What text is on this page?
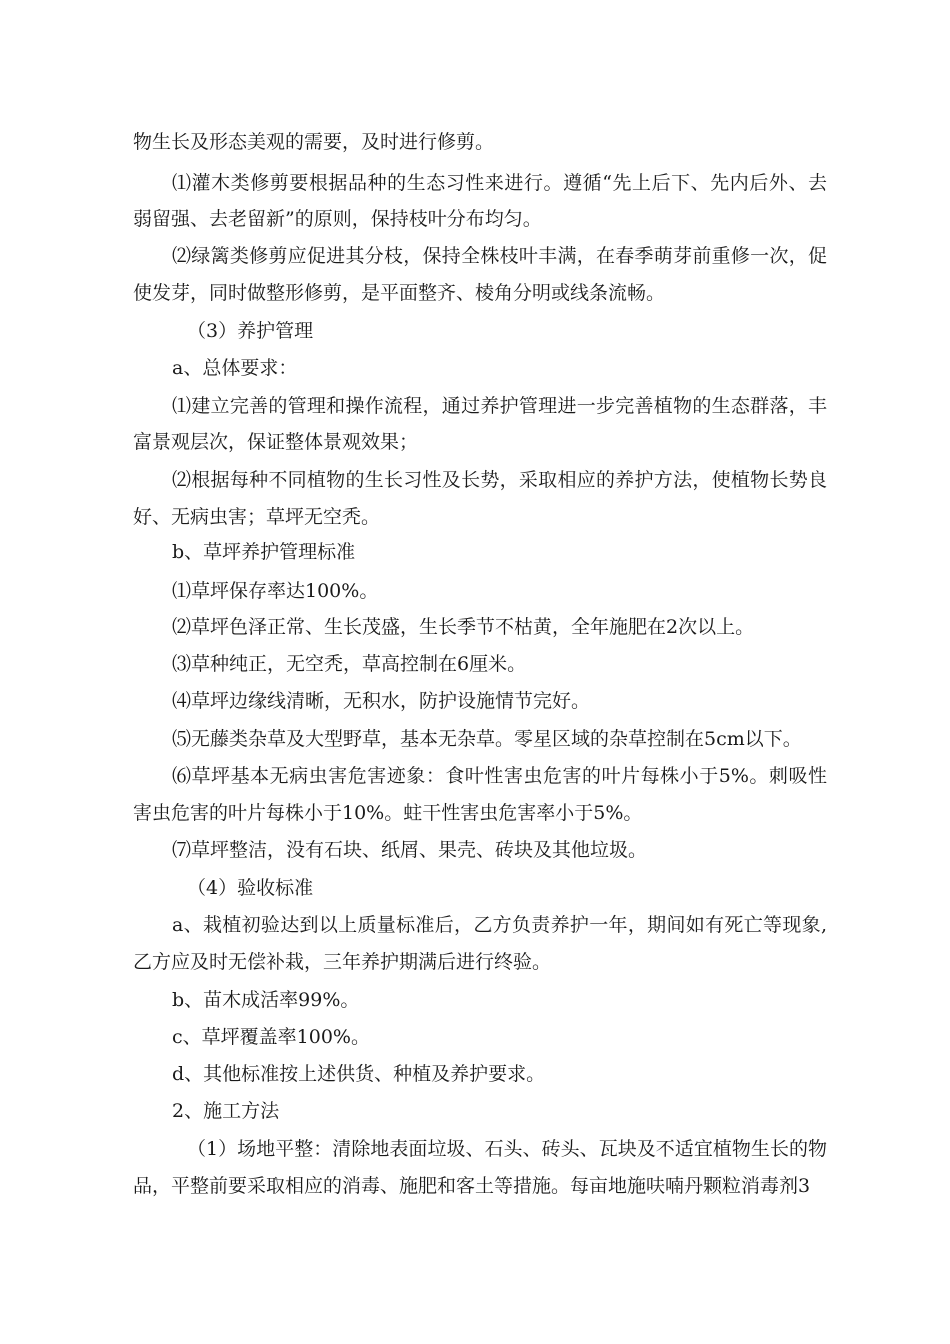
物生长及形态美观的需要，及时进行修剪。
⑴灌木类修剪要根据品种的生态习性来进行。遵循“先上后下、先内后外、去
弱留强、去老留新”的原则，保持枝叶分布均匀。
⑵绿篱类修剪应促进其分枝，保持全株枝叶丰满，在春季萌芽前重修一次，促
使发芽，同时做整形修剪，是平面整齐、棱角分明或线条流畅。
（3）养护管理
a、总体要求：
⑴建立完善的管理和操作流程，通过养护管理进一步完善植物的生态群落，丰
富景观层次，保证整体景观效果；
⑵根据每种不同植物的生长习性及长势，采取相应的养护方法，使植物长势良
好、无病虫害；草坪无空秃。
b、草坪养护管理标准
⑴草坪保存率达100%。
⑵草坪色泽正常、生长茂盛，生长季节不枯黄，全年施肥在2次以上。
⑶草种纯正，无空秃，草高控制在6厘米。
⑷草坪边缘线清晰，无积水，防护设施情节完好。
⑸无藤类杂草及大型野草，基本无杂草。零星区域的杂草控制在5cm以下。
⑹草坪基本无病虫害危害迹象：食叶性害虫危害的叶片每株小于5%。刺吸性
害虫危害的叶片每株小于10%。蛀干性害虫危害率小于5%。
⑺草坪整洁，没有石块、纸屑、果壳、砖块及其他垃圾。
（4）验收标准
a、栽植初验达到以上质量标准后，乙方负责养护一年，期间如有死亡等现象,
乙方应及时无偿补栽，三年养护期满后进行终验。
b、苗木成活率99%。
c、草坪覆盖率100%。
d、其他标准按上述供货、种植及养护要求。
2、施工方法
（1）场地平整：清除地表面垃圾、石头、砖头、瓦块及不适宜植物生长的物
品，平整前要采取相应的消毒、施肥和客土等措施。每亩地施呋喃丹颗粒消毒剂3
